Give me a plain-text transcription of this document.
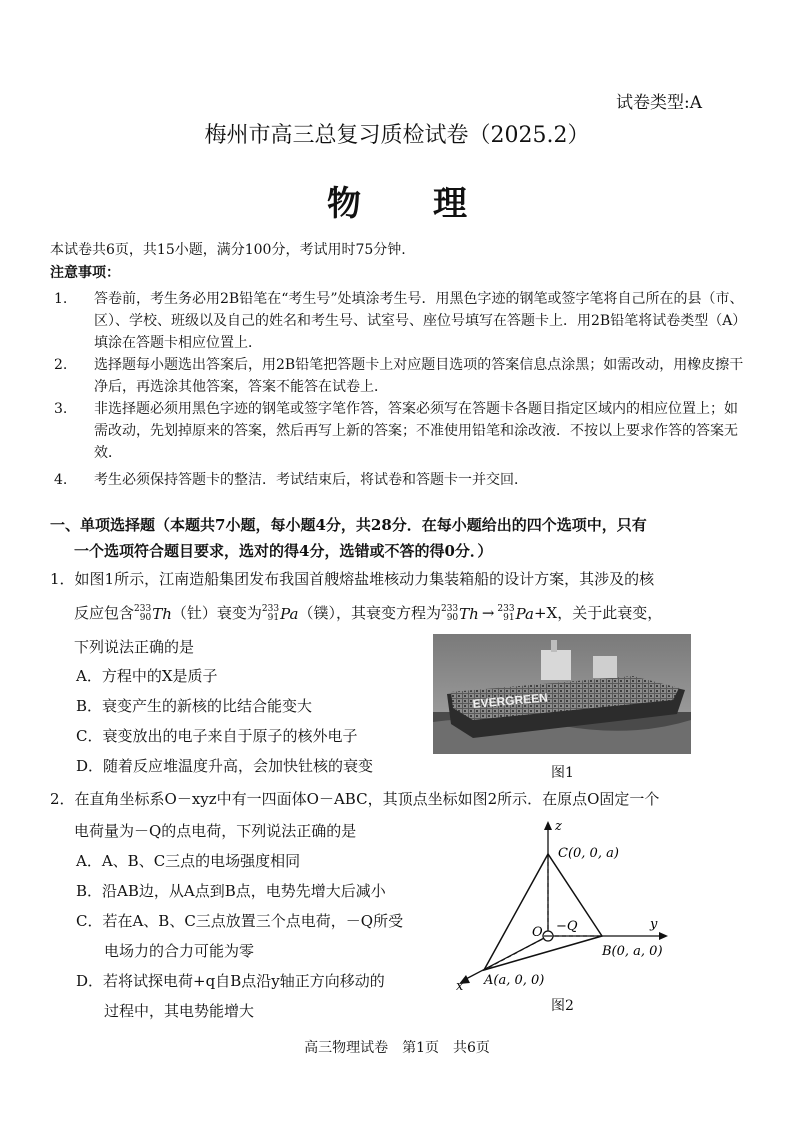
试卷类型:A
梅州市高三总复习质检试卷（2025.2）
物理
本试卷共6页，共15小题，满分100分，考试用时75分钟.
注意事项：
1. 答卷前，考生务必用2B铅笔在“考生号”处填涂考生号．用黑色字迹的钢笔或签字笔将自己所在的县（市、区）、学校、班级以及自己的姓名和考生号、试室号、座位号填写在答题卡上．用2B铅笔将试卷类型（A）填涂在答题卡相应位置上．
2. 选择题每小题选出答案后，用2B铅笔把答题卡上对应题目选项的答案信息点涂黑；如需改动，用橡皮擦干净后，再选涂其他答案，答案不能答在试卷上．
3. 非选择题必须用黑色字迹的钢笔或签字笔作答，答案必须写在答题卡各题目指定区域内的相应位置上；如需改动，先划掉原来的答案，然后再写上新的答案；不准使用铅笔和涂改液．不按以上要求作答的答案无效．
4. 考生必须保持答题卡的整洁．考试结束后，将试卷和答题卡一并交回．
一、单项选择题（本题共7小题，每小题4分，共28分．在每小题给出的四个选项中，只有
一个选项符合题目要求，选对的得4分，选错或不答的得0分．）
1．如图1所示，江南造船集团发布我国首艘熔盐堆核动力集装箱船的设计方案，其涉及的核
反应包含 233
90 Th （钍）衰变为 233
91 Pa （镤），其衰变方程为 233
90 Th → 233
91 Pa +X，关于此衰变，
下列说法正确的是
A．方程中的X是质子
B．衰变产生的新核的比结合能变大
C．衰变放出的电子来自于原子的核外电子
D．随着反应堆温度升高，会加快钍核的衰变
EVERGREEN
图1
2．在直角坐标系O－xyz中有一四面体O－ABC，其顶点坐标如图2所示．在原点O固定一个
电荷量为－Q的点电荷，下列说法正确的是
A．A、B、C三点的电场强度相同
B．沿AB边，从A点到B点，电势先增大后减小
C．若在A、B、C三点放置三个点电荷，－Q所受
电场力的合力可能为零
D．若将试探电荷+q自B点沿y轴正方向移动的
过程中，其电势能增大
z
y
x
C(0, 0, a)
B(0, a, 0)
A(a, 0, 0)
O −Q
图2
高三物理试卷　第1页　共6页
